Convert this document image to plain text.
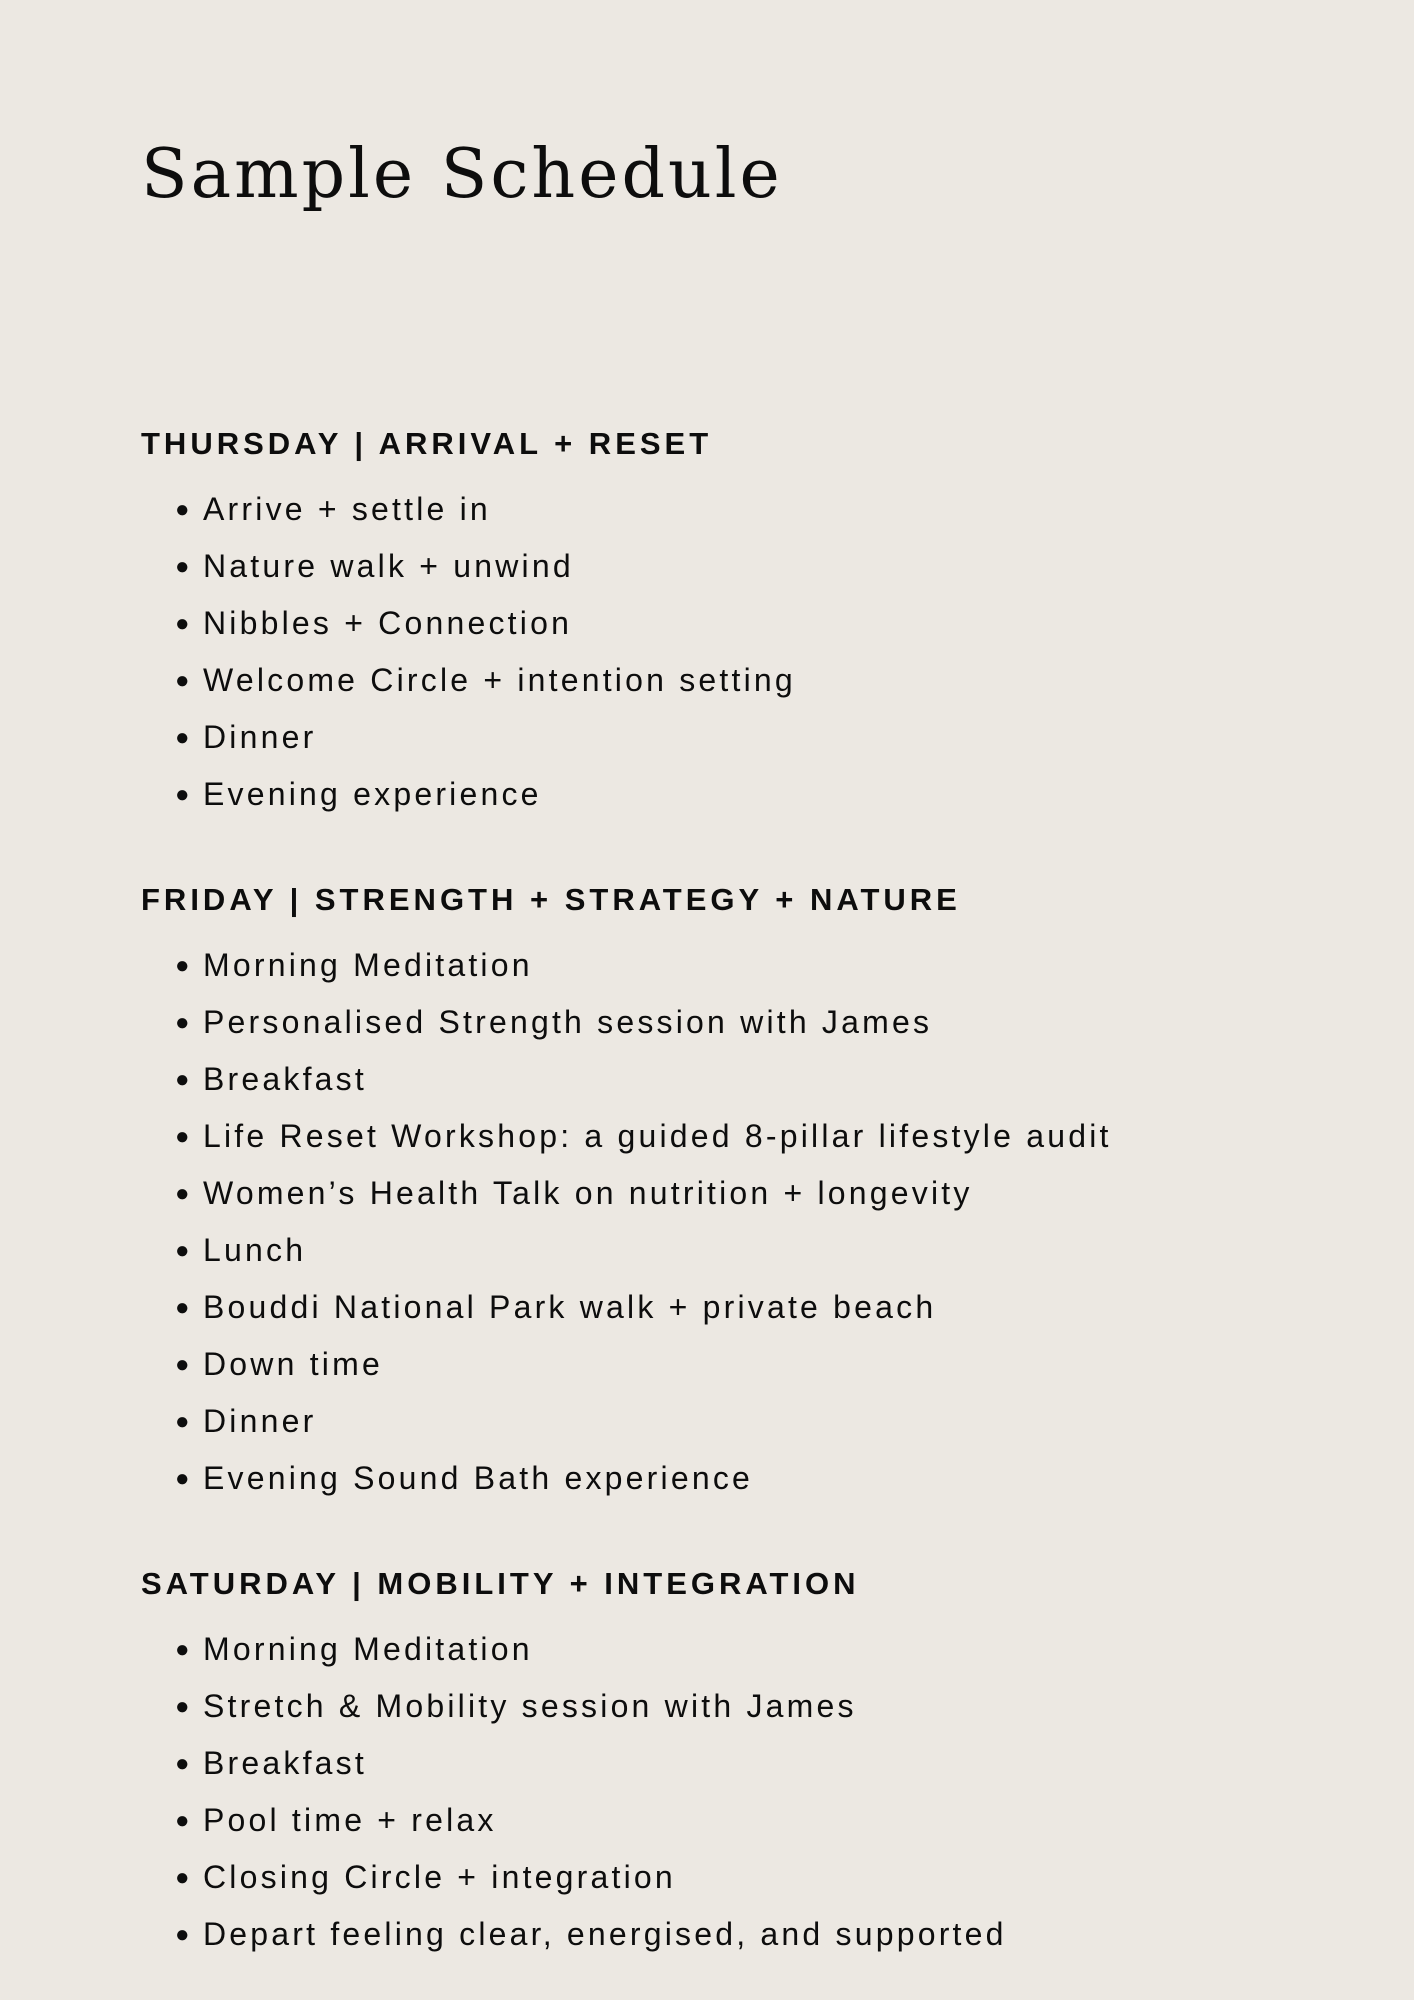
Sample Schedule
THURSDAY | ARRIVAL + RESET
● Arrive + settle in
● Nature walk + unwind
● Nibbles + Connection
● Welcome Circle + intention setting
● Dinner
● Evening experience
FRIDAY | STRENGTH + STRATEGY + NATURE
● Morning Meditation
● Personalised Strength session with James
● Breakfast
● Life Reset Workshop: a guided 8-pillar lifestyle audit
● Women’s Health Talk on nutrition + longevity
● Lunch
● Bouddi National Park walk + private beach
● Down time
● Dinner
● Evening Sound Bath experience
SATURDAY | MOBILITY + INTEGRATION
● Morning Meditation
● Stretch & Mobility session with James
● Breakfast
● Pool time + relax
● Closing Circle + integration
● Depart feeling clear, energised, and supported
